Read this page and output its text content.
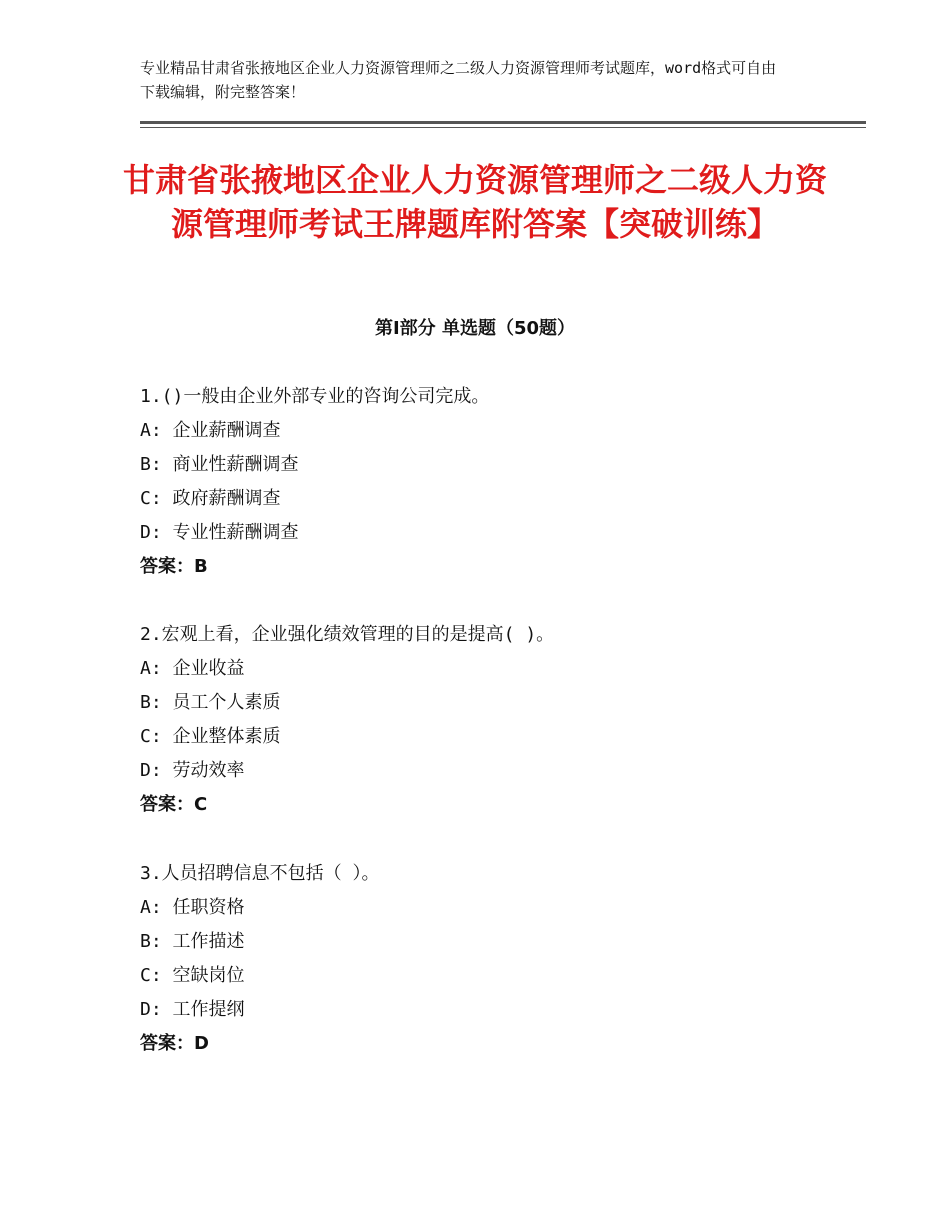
专业精品甘肃省张掖地区企业人力资源管理师之二级人力资源管理师考试题库，word格式可自由下载编辑，附完整答案！
甘肃省张掖地区企业人力资源管理师之二级人力资源管理师考试王牌题库附答案【突破训练】
第Ⅰ部分 单选题（50题）
1.()一般由企业外部专业的咨询公司完成。
A: 企业薪酬调查
B: 商业性薪酬调查
C: 政府薪酬调查
D: 专业性薪酬调查
答案：B
2.宏观上看，企业强化绩效管理的目的是提高( )。
A: 企业收益
B: 员工个人素质
C: 企业整体素质
D: 劳动效率
答案：C
3.人员招聘信息不包括（ ）。
A: 任职资格
B: 工作描述
C: 空缺岗位
D: 工作提纲
答案：D
